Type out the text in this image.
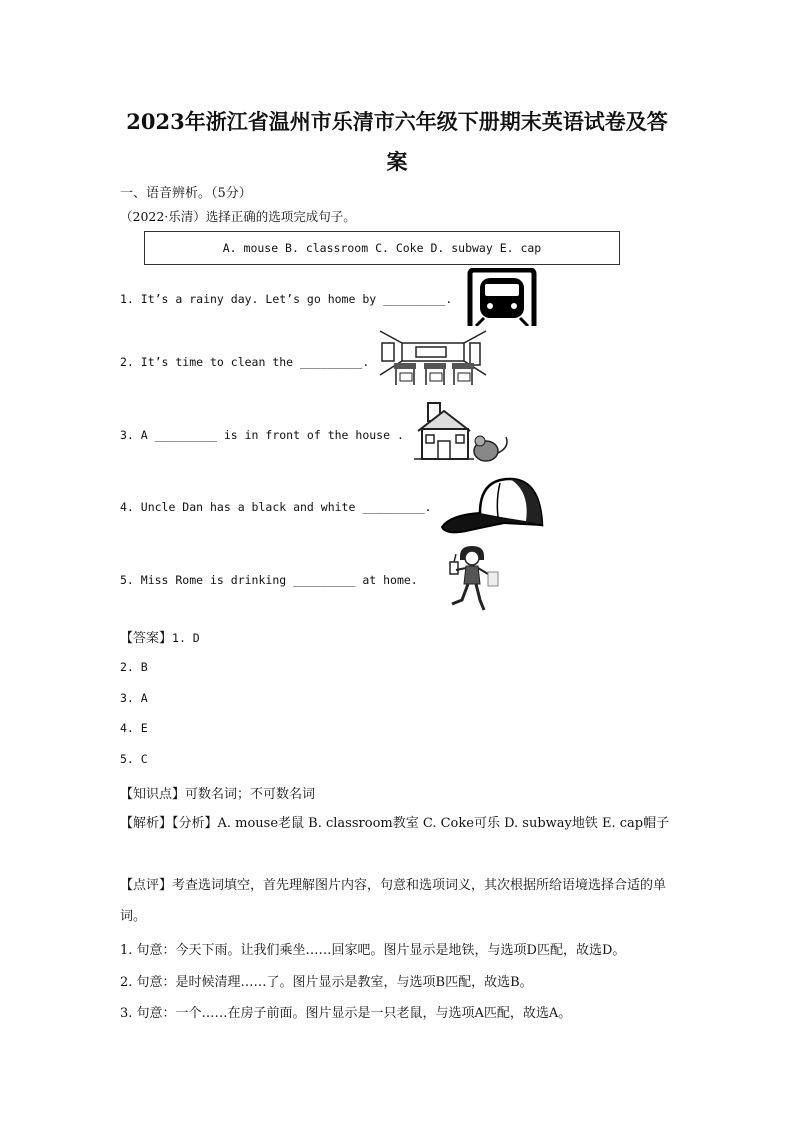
2023年浙江省温州市乐清市六年级下册期末英语试卷及答
案
一、语音辨析。（5分）
（2022·乐清）选择正确的选项完成句子。
A. mouse B. classroom C. Coke D. subway E. cap
1. It’s a rainy day. Let’s go home by _________.
2. It’s time to clean the _________.
3. A _________ is in front of the house .
4. Uncle Dan has a black and white _________.
5. Miss Rome is drinking _________ at home.
【答案】1. D
2. B
3. A
4. E
5. C
【知识点】可数名词；不可数名词
【解析】【分析】A. mouse老鼠 B. classroom教室 C. Coke可乐 D. subway地铁 E. cap帽子
【点评】考查选词填空，首先理解图片内容，句意和选项词义，其次根据所给语境选择合适的单词。
1. 句意：今天下雨。让我们乘坐……回家吧。图片显示是地铁，与选项D匹配，故选D。
2. 句意：是时候清理……了。图片显示是教室，与选项B匹配，故选B。
3. 句意：一个……在房子前面。图片显示是一只老鼠，与选项A匹配，故选A。
